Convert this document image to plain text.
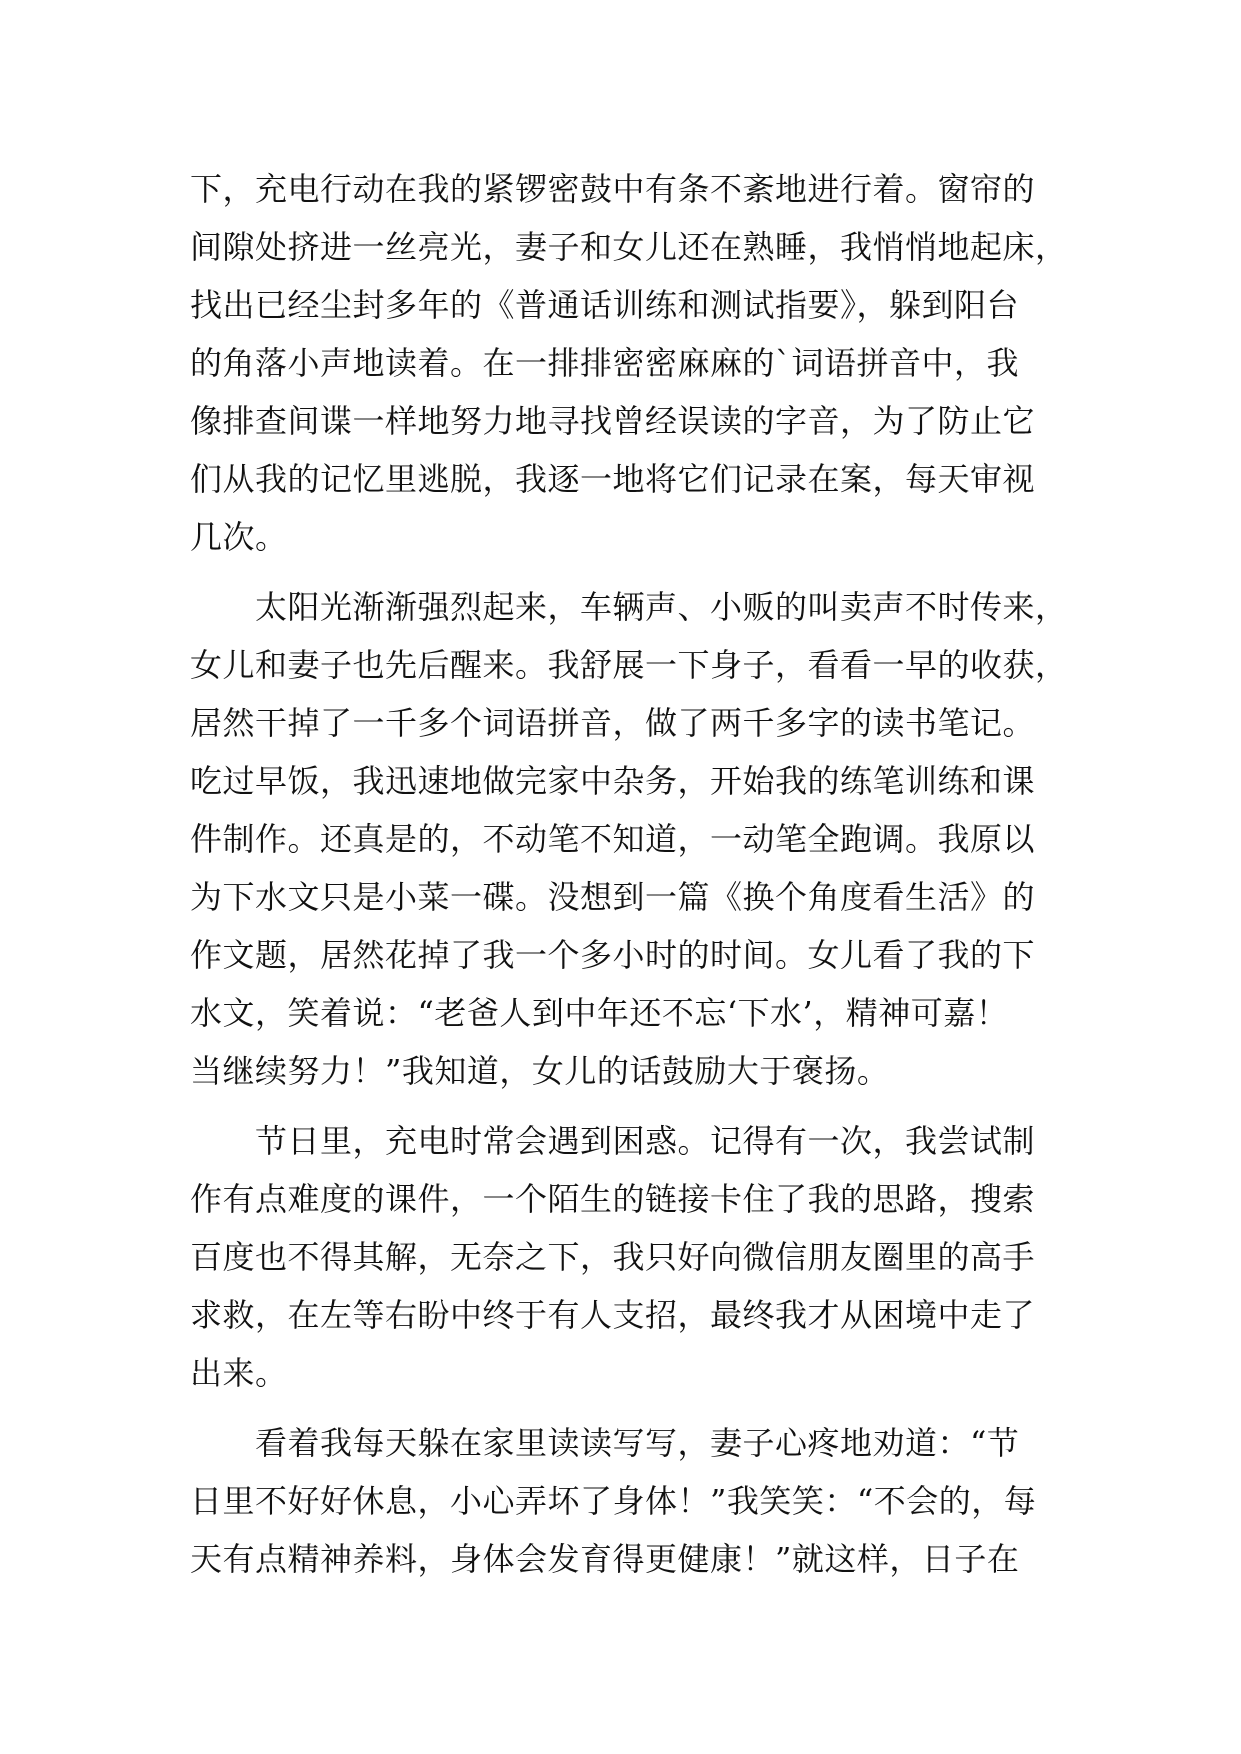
下，充电行动在我的紧锣密鼓中有条不紊地进行着。窗帘的
间隙处挤进一丝亮光，妻子和女儿还在熟睡，我悄悄地起床，
找出已经尘封多年的《普通话训练和测试指要》，躲到阳台
的角落小声地读着。在一排排密密麻麻的`词语拼音中，我
像排查间谍一样地努力地寻找曾经误读的字音，为了防止它
们从我的记忆里逃脱，我逐一地将它们记录在案，每天审视
几次。
　　太阳光渐渐强烈起来，车辆声、小贩的叫卖声不时传来，
女儿和妻子也先后醒来。我舒展一下身子，看看一早的收获，
居然干掉了一千多个词语拼音，做了两千多字的读书笔记。
吃过早饭，我迅速地做完家中杂务，开始我的练笔训练和课
件制作。还真是的，不动笔不知道，一动笔全跑调。我原以
为下水文只是小菜一碟。没想到一篇《换个角度看生活》的
作文题，居然花掉了我一个多小时的时间。女儿看了我的下
水文，笑着说：“老爸人到中年还不忘‘下水’，精神可嘉！
当继续努力！”我知道，女儿的话鼓励大于褒扬。
　　节日里，充电时常会遇到困惑。记得有一次，我尝试制
作有点难度的课件，一个陌生的链接卡住了我的思路，搜索
百度也不得其解，无奈之下，我只好向微信朋友圈里的高手
求救，在左等右盼中终于有人支招，最终我才从困境中走了
出来。
　　看着我每天躲在家里读读写写，妻子心疼地劝道：“节
日里不好好休息，小心弄坏了身体！”我笑笑：“不会的，每
天有点精神养料，身体会发育得更健康！”就这样，日子在
